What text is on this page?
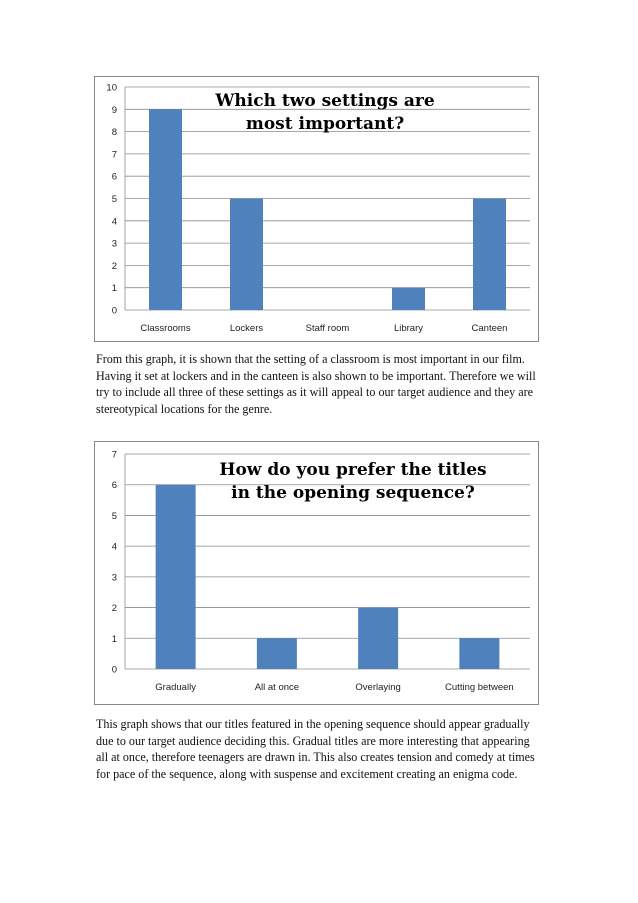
0
1
2
3
4
5
6
7
8
9
10
Classrooms	Lockers	Staff room	Library	Canteen
Which two settings are most important?

From this graph, it is shown that the setting of a classroom is most important in our film. Having it set at lockers and in the canteen is also shown to be important. Therefore we will try to include all three of these settings as it will appeal to our target audience and they are stereotypical locations for the genre.

0
1
2
3
4
5
6
7
Gradually	All at once	Overlaying	Cutting between
How do you prefer the titles in the opening sequence?

This graph shows that our titles featured in the opening sequence should appear gradually due to our target audience deciding this. Gradual titles are more interesting that appearing all at once, therefore teenagers are drawn in. This also creates tension and comedy at times for pace of the sequence, along with suspense and excitement creating an enigma code.
